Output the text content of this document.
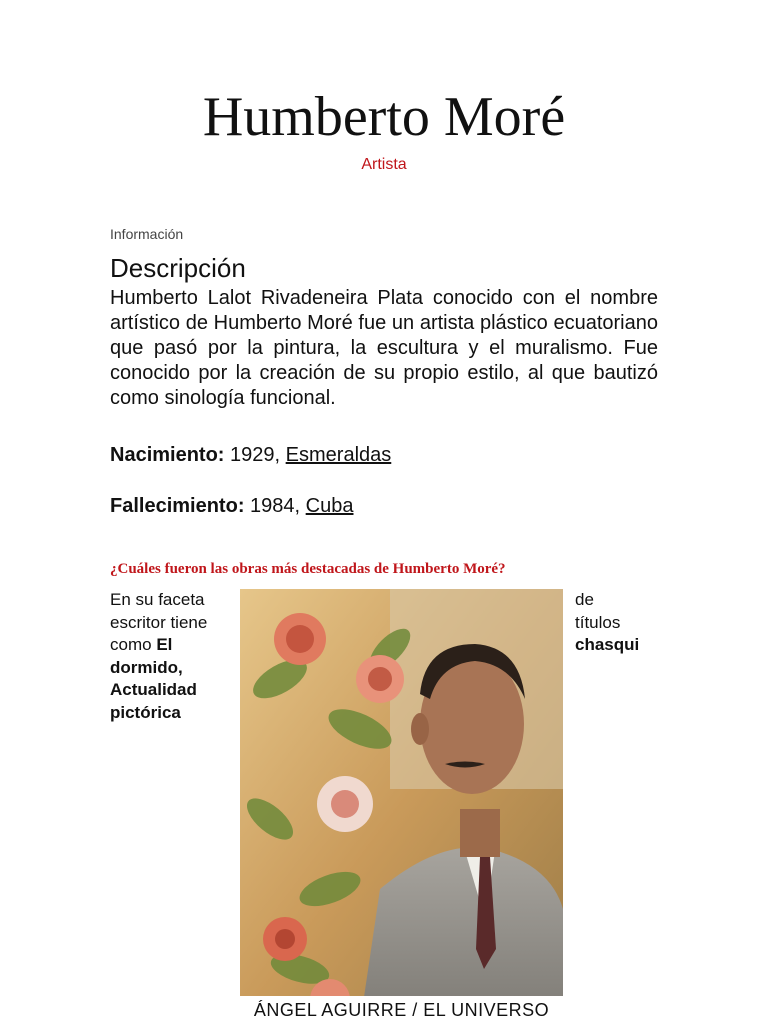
Humberto Moré
Artista
Información
Descripción

Humberto Lalot Rivadeneira Plata conocido con el nombre artístico de Humberto Moré fue un artista plástico ecuatoriano que pasó por la pintura, la escultura y el muralismo. Fue conocido por la creación de su propio estilo, al que bautizó como sinología funcional.

Nacimiento: 1929, Esmeraldas
Fallecimiento: 1984, Cuba
¿Cuáles fueron las obras más destacadas de Humberto Moré?
En su faceta
escritor tiene
como El dormido, Actualidad pictórica
ÁNGEL AGUIRRE / EL UNIVERSO
de
títulos
chasqui
